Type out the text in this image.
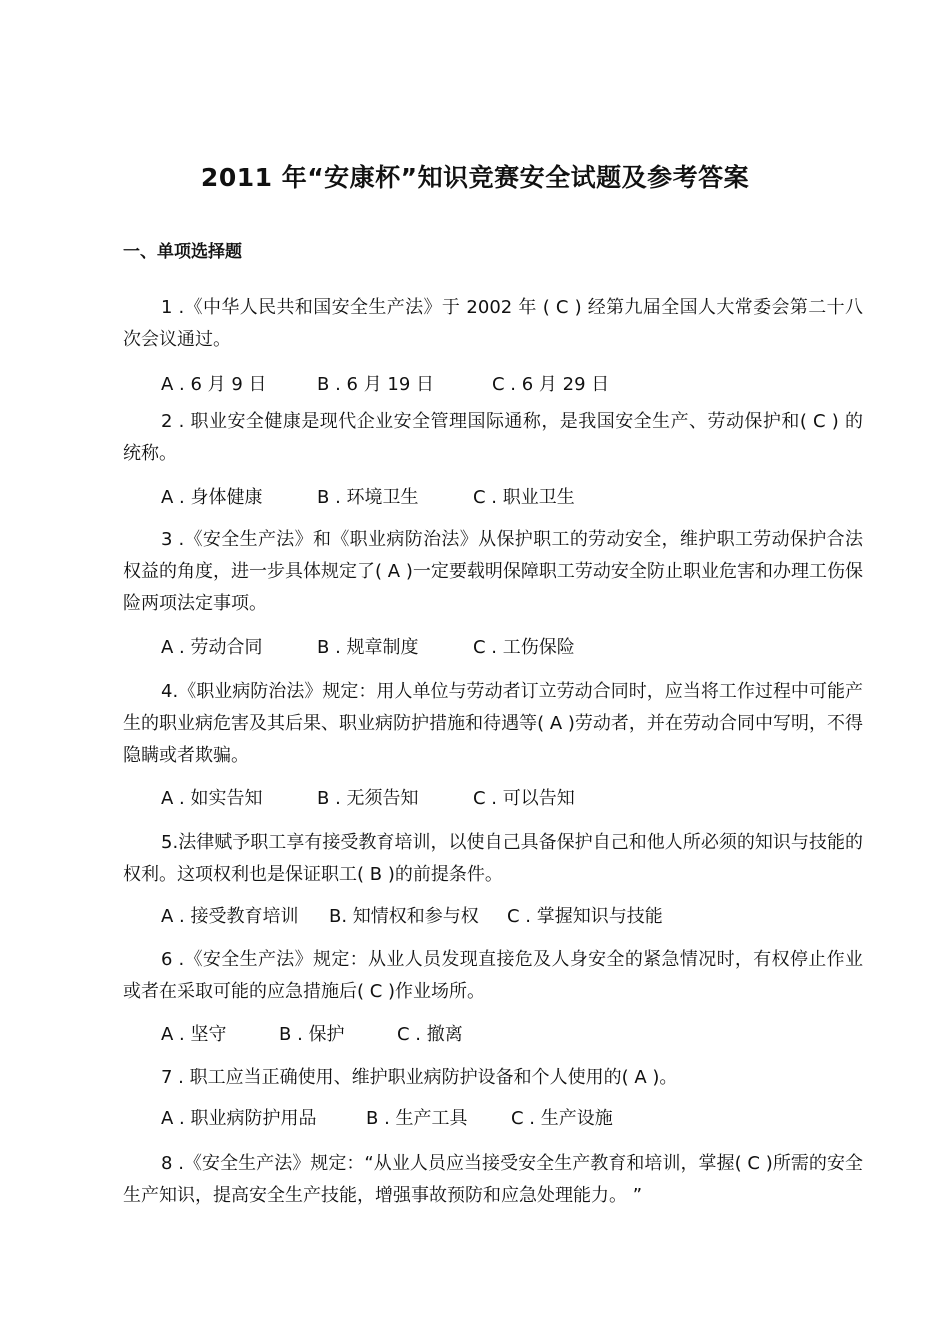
2011 年“安康杯”知识竞赛安全试题及参考答案
一、单项选择题
1 .《中华人民共和国安全生产法》于 2002 年 ( C ) 经第九届全国人大常委会第二十八次会议通过。
A . 6 月 9 日	B . 6 月 19 日	C . 6 月 29 日
2 . 职业安全健康是现代企业安全管理国际通称，是我国安全生产、劳动保护和( C ) 的统称。
A . 身体健康	B . 环境卫生	C . 职业卫生
3 .《安全生产法》和《职业病防治法》从保护职工的劳动安全，维护职工劳动保护合法权益的角度，进一步具体规定了( A )一定要载明保障职工劳动安全防止职业危害和办理工伤保险两项法定事项。
A . 劳动合同	B . 规章制度	C . 工伤保险
4.《职业病防治法》规定：用人单位与劳动者订立劳动合同时，应当将工作过程中可能产生的职业病危害及其后果、职业病防护措施和待遇等( A )劳动者，并在劳动合同中写明，不得隐瞒或者欺骗。
A . 如实告知	B . 无须告知	C . 可以告知
5.法律赋予职工享有接受教育培训，以使自己具备保护自己和他人所必须的知识与技能的权利。这项权利也是保证职工( B )的前提条件。
A . 接受教育培训 B. 知情权和参与权 C . 掌握知识与技能
6 .《安全生产法》规定：从业人员发现直接危及人身安全的紧急情况时，有权停止作业或者在采取可能的应急措施后( C )作业场所。
A . 坚守	B . 保护	C . 撤离
7 . 职工应当正确使用、维护职业病防护设备和个人使用的( A )。
A . 职业病防护用品	B . 生产工具 C . 生产设施
8 .《安全生产法》规定：“从业人员应当接受安全生产教育和培训，掌握( C )所需的安全生产知识，提高安全生产技能，增强事故预防和应急处理能力。 ”
